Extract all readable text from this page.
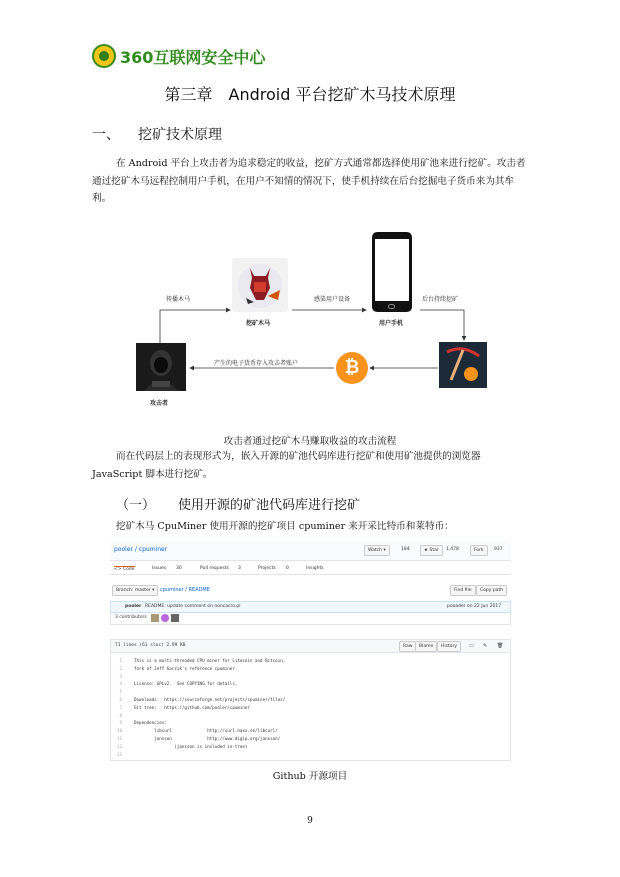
360互联网安全中心
第三章　Android 平台挖矿木马技术原理
一、 挖矿技术原理

在 Android 平台上攻击者为追求稳定的收益，挖矿方式通常都选择使用矿池来进行挖矿。攻击者通过挖矿木马远程控制用户手机，在用户不知情的情况下，使手机持续在后台挖掘电子货币来为其牟利。

挖矿木马	用户手机
₿
攻击者
传播木马	感染用户设备	后台持续挖矿
产生的电子货币存入攻击者账户
攻击者通过挖矿木马赚取收益的攻击流程

而在代码层上的表现形式为，嵌入开源的矿池代码库进行挖矿和使用矿池提供的浏览器 JavaScript 脚本进行挖矿。

（一） 使用开源的矿池代码库进行挖矿

挖矿木马 CpuMiner 使用开源的挖矿项目 cpuminer 来开采比特币和莱特币：

pooler / cpuminer	Watch ▾	184	★ Star	1,478	Fork	937
<> Code	Issues 30	Pull requests 3	Projects 0	Insights
Branch: master ▾	cpuminer / README	Find file	Copy path
pooler README: update comment on noncacro.pl	pooader on 22 Jun 2017
3 contributors
71 lines (61 sloc) 2.99 KB	Raw	Blame	History	▭ ✎ 🗑
1	This is a multi-threaded CPU miner for Litecoin and Bitcoin,
2	fork of Jeff Garzik's reference cpuminer.
3
4	License: GPLv2.  See COPYING for details.
5
6	Downloads:  https://sourceforge.net/projects/cpuminer/files/
7	Git tree:   https://github.com/pooler/cpuminer
8
9	Dependencies:
10	libcurl              http://curl.haxx.se/libcurl/
11	jansson              http://www.digip.org/jansson/
12	(jansson is included in-tree)
13
Github 开源项目
9
